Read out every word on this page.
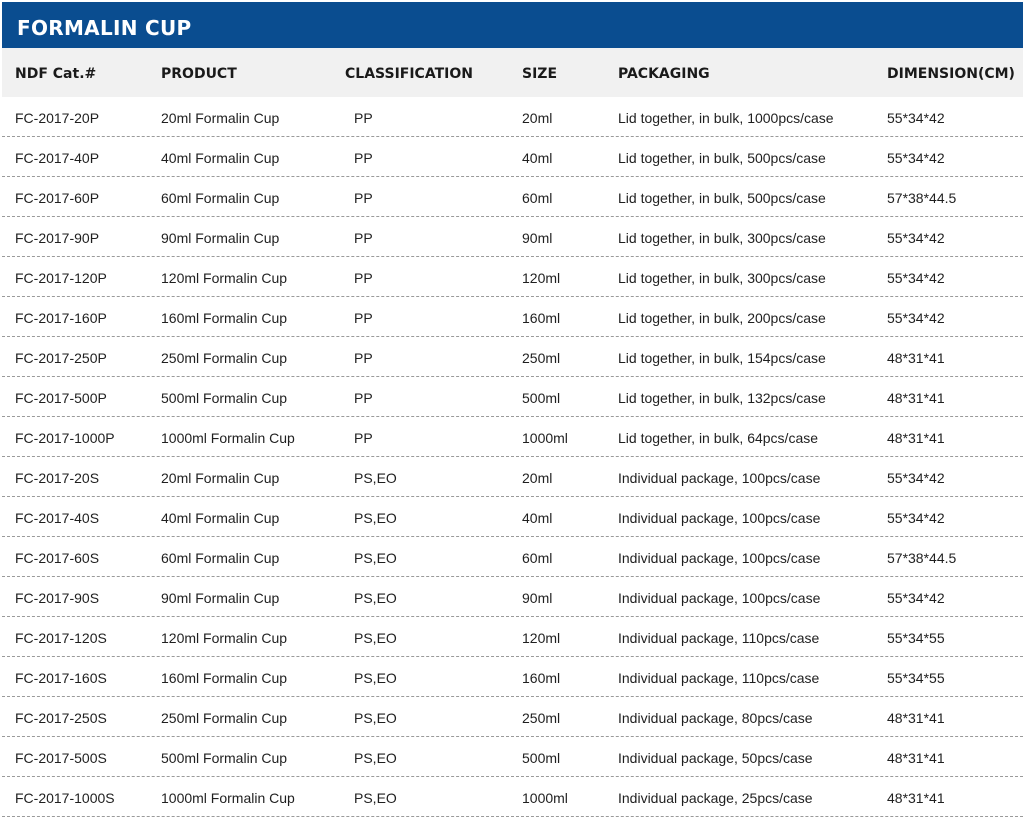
FORMALIN CUP
NDF Cat.#	PRODUCT	CLASSIFICATION	SIZE	PACKAGING	DIMENSION(CM)
FC-2017-20P	20ml Formalin Cup	PP	20ml	Lid together, in bulk, 1000pcs/case	55*34*42
FC-2017-40P	40ml Formalin Cup	PP	40ml	Lid together, in bulk, 500pcs/case	55*34*42
FC-2017-60P	60ml Formalin Cup	PP	60ml	Lid together, in bulk, 500pcs/case	57*38*44.5
FC-2017-90P	90ml Formalin Cup	PP	90ml	Lid together, in bulk, 300pcs/case	55*34*42
FC-2017-120P	120ml Formalin Cup	PP	120ml	Lid together, in bulk, 300pcs/case	55*34*42
FC-2017-160P	160ml Formalin Cup	PP	160ml	Lid together, in bulk, 200pcs/case	55*34*42
FC-2017-250P	250ml Formalin Cup	PP	250ml	Lid together, in bulk, 154pcs/case	48*31*41
FC-2017-500P	500ml Formalin Cup	PP	500ml	Lid together, in bulk, 132pcs/case	48*31*41
FC-2017-1000P	1000ml Formalin Cup	PP	1000ml	Lid together, in bulk, 64pcs/case	48*31*41
FC-2017-20S	20ml Formalin Cup	PS,EO	20ml	Individual package, 100pcs/case	55*34*42
FC-2017-40S	40ml Formalin Cup	PS,EO	40ml	Individual package, 100pcs/case	55*34*42
FC-2017-60S	60ml Formalin Cup	PS,EO	60ml	Individual package, 100pcs/case	57*38*44.5
FC-2017-90S	90ml Formalin Cup	PS,EO	90ml	Individual package, 100pcs/case	55*34*42
FC-2017-120S	120ml Formalin Cup	PS,EO	120ml	Individual package, 110pcs/case	55*34*55
FC-2017-160S	160ml Formalin Cup	PS,EO	160ml	Individual package, 110pcs/case	55*34*55
FC-2017-250S	250ml Formalin Cup	PS,EO	250ml	Individual package, 80pcs/case	48*31*41
FC-2017-500S	500ml Formalin Cup	PS,EO	500ml	Individual package, 50pcs/case	48*31*41
FC-2017-1000S	1000ml Formalin Cup	PS,EO	1000ml	Individual package, 25pcs/case	48*31*41
